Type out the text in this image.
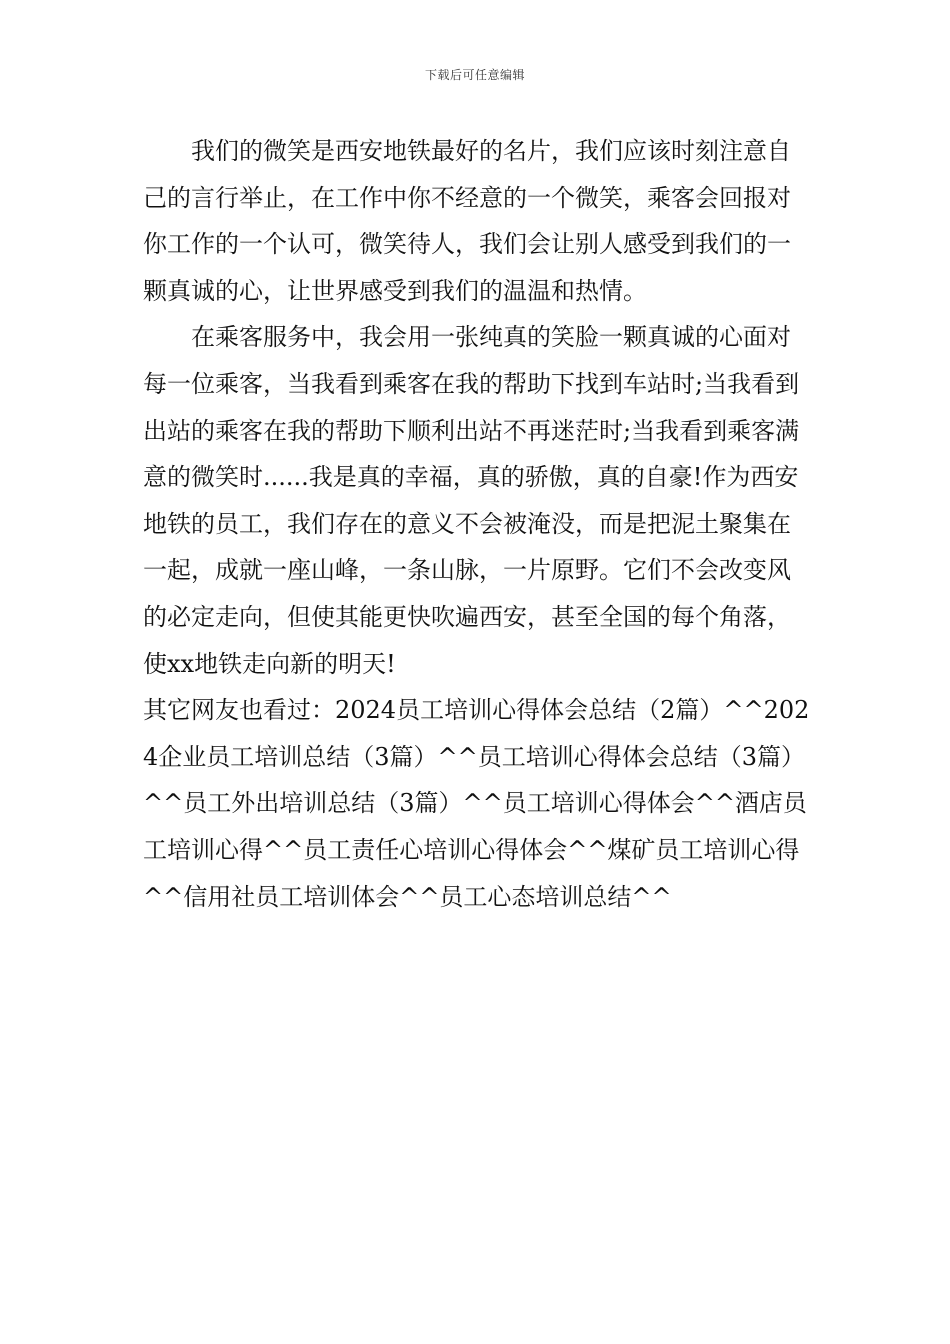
下载后可任意编辑

我们的微笑是西安地铁最好的名片，我们应该时刻注意自己的言行举止，在工作中你不经意的一个微笑，乘客会回报对你工作的一个认可，微笑待人，我们会让别人感受到我们的一颗真诚的心，让世界感受到我们的温温和热情。

在乘客服务中，我会用一张纯真的笑脸一颗真诚的心面对每一位乘客，当我看到乘客在我的帮助下找到车站时;当我看到出站的乘客在我的帮助下顺利出站不再迷茫时;当我看到乘客满意的微笑时......我是真的幸福，真的骄傲，真的自豪!作为西安地铁的员工，我们存在的意义不会被淹没，而是把泥土聚集在一起，成就一座山峰，一条山脉，一片原野。它们不会改变风的必定走向，但使其能更快吹遍西安，甚至全国的每个角落，使xx地铁走向新的明天!

其它网友也看过：2024员工培训心得体会总结（2篇）^^2024企业员工培训总结（3篇）^^员工培训心得体会总结（3篇）^^员工外出培训总结（3篇）^^员工培训心得体会^^酒店员工培训心得^^员工责任心培训心得体会^^煤矿员工培训心得^^信用社员工培训体会^^员工心态培训总结^^
